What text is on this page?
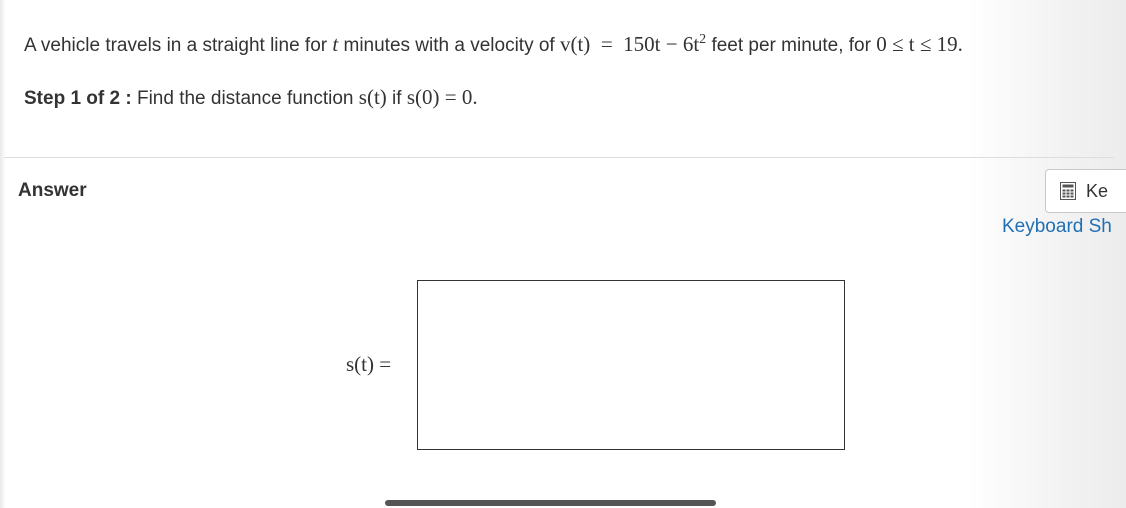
A vehicle travels in a straight line for t minutes with a velocity of $v(t) = 150t - 6t^2$ feet per minute, for 0 ≤ t ≤ 19.
Step 1 of 2 : Find the distance function s(t) if s(0) = 0.
Answer	Ke
Keyboard Sh
s(t) =
